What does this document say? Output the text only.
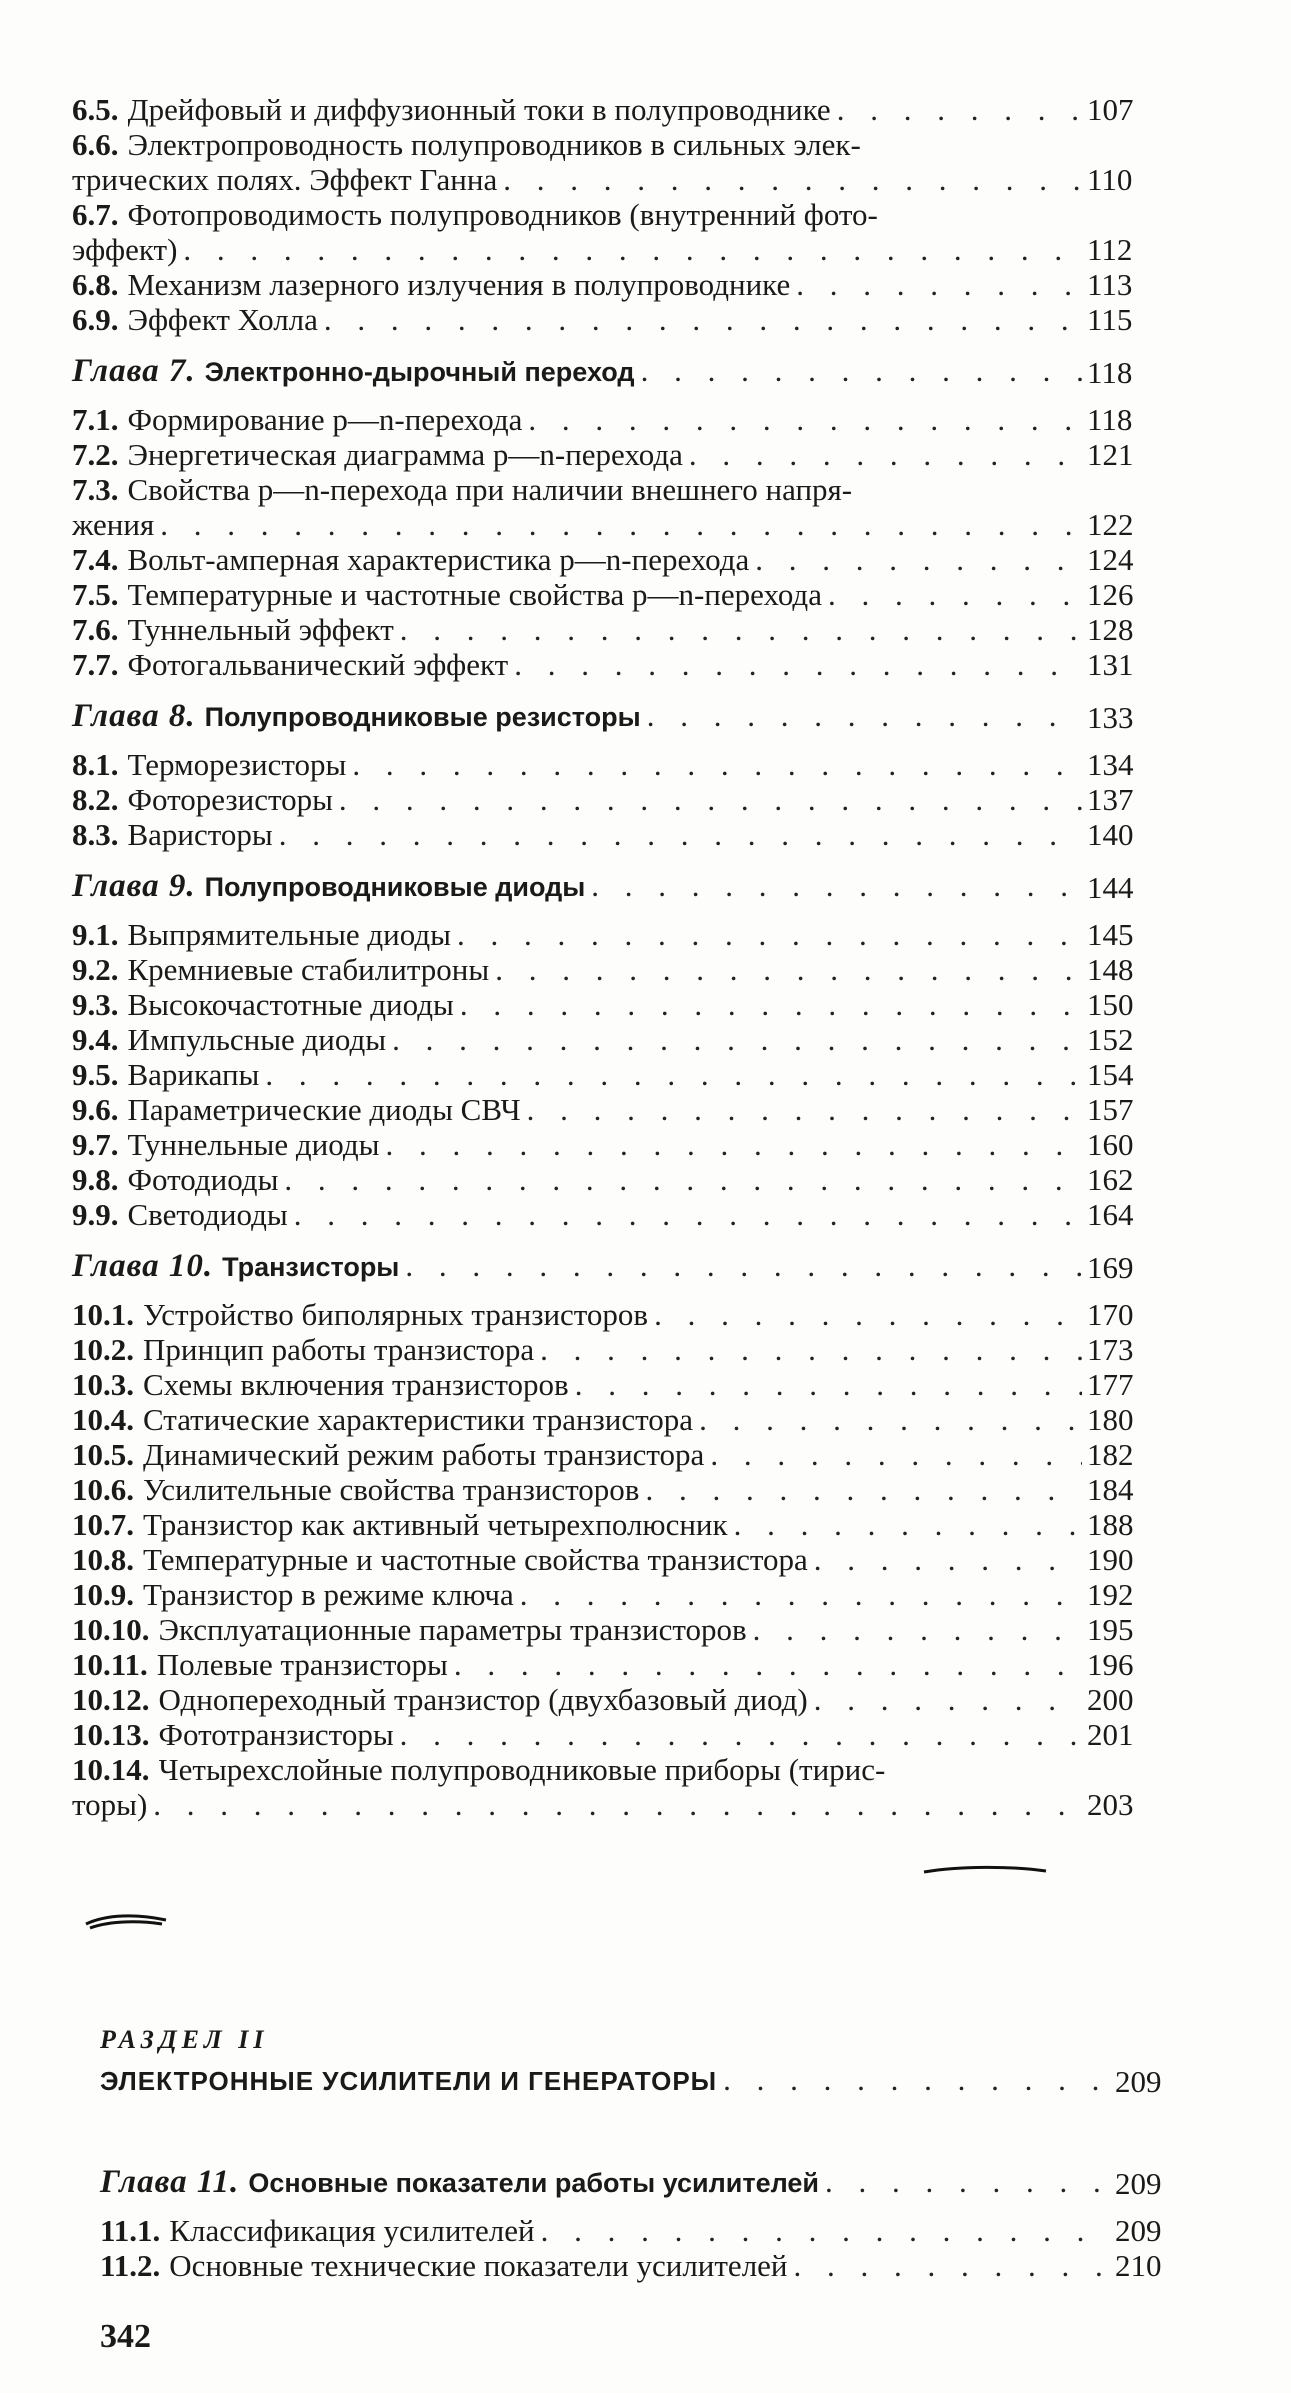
6.5. Дрейфовый и диффузионный токи в полупроводнике . . .	107
6.6. Электропроводность полупроводников в сильных элек-
трических полях. Эффект Ганна . . .	110
6.7. Фотопроводимость полупроводников (внутренний фото-
эффект) . . .	112
6.8. Механизм лазерного излучения в полупроводнике . . .	113
6.9. Эффект Холла . . .	115
Глава 7. Электронно-дырочный переход . . .	118
7.1. Формирование p—n-перехода . . .	118
7.2. Энергетическая диаграмма p—n-перехода . . .	121
7.3. Свойства p—n-перехода при наличии внешнего напря-
жения . . .	122
7.4. Вольт-амперная характеристика p—n-перехода . . .	124
7.5. Температурные и частотные свойства p—n-перехода . . .	126
7.6. Туннельный эффект . . .	128
7.7. Фотогальванический эффект . . .	131
Глава 8. Полупроводниковые резисторы . . .	133
8.1. Терморезисторы . . .	134
8.2. Фоторезисторы . . .	137
8.3. Варисторы . . .	140
Глава 9. Полупроводниковые диоды . . .	144
9.1. Выпрямительные диоды . . .	145
9.2. Кремниевые стабилитроны . . .	148
9.3. Высокочастотные диоды . . .	150
9.4. Импульсные диоды . . .	152
9.5. Варикапы . . .	154
9.6. Параметрические диоды СВЧ . . .	157
9.7. Туннельные диоды . . .	160
9.8. Фотодиоды . . .	162
9.9. Светодиоды . . .	164
Глава 10. Транзисторы . . .	169
10.1. Устройство биполярных транзисторов . . .	170
10.2. Принцип работы транзистора . . .	173
10.3. Схемы включения транзисторов . . .	177
10.4. Статические характеристики транзистора . . .	180
10.5. Динамический режим работы транзистора . . .	182
10.6. Усилительные свойства транзисторов . . .	184
10.7. Транзистор как активный четырехполюсник . . .	188
10.8. Температурные и частотные свойства транзистора . . .	190
10.9. Транзистор в режиме ключа . . .	192
10.10. Эксплуатационные параметры транзисторов . . .	195
10.11. Полевые транзисторы . . .	196
10.12. Однопереходный транзистор (двухбазовый диод) . . .	200
10.13. Фототранзисторы . . .	201
10.14. Четырехслойные полупроводниковые приборы (тирис-
торы) . . .	203
РАЗДЕЛ II
ЭЛЕКТРОННЫЕ УСИЛИТЕЛИ И ГЕНЕРАТОРЫ . . .	209
Глава 11. Основные показатели работы усилителей . . .	209
11.1. Классификация усилителей . . .	209
11.2. Основные технические показатели усилителей . . .	210
342
